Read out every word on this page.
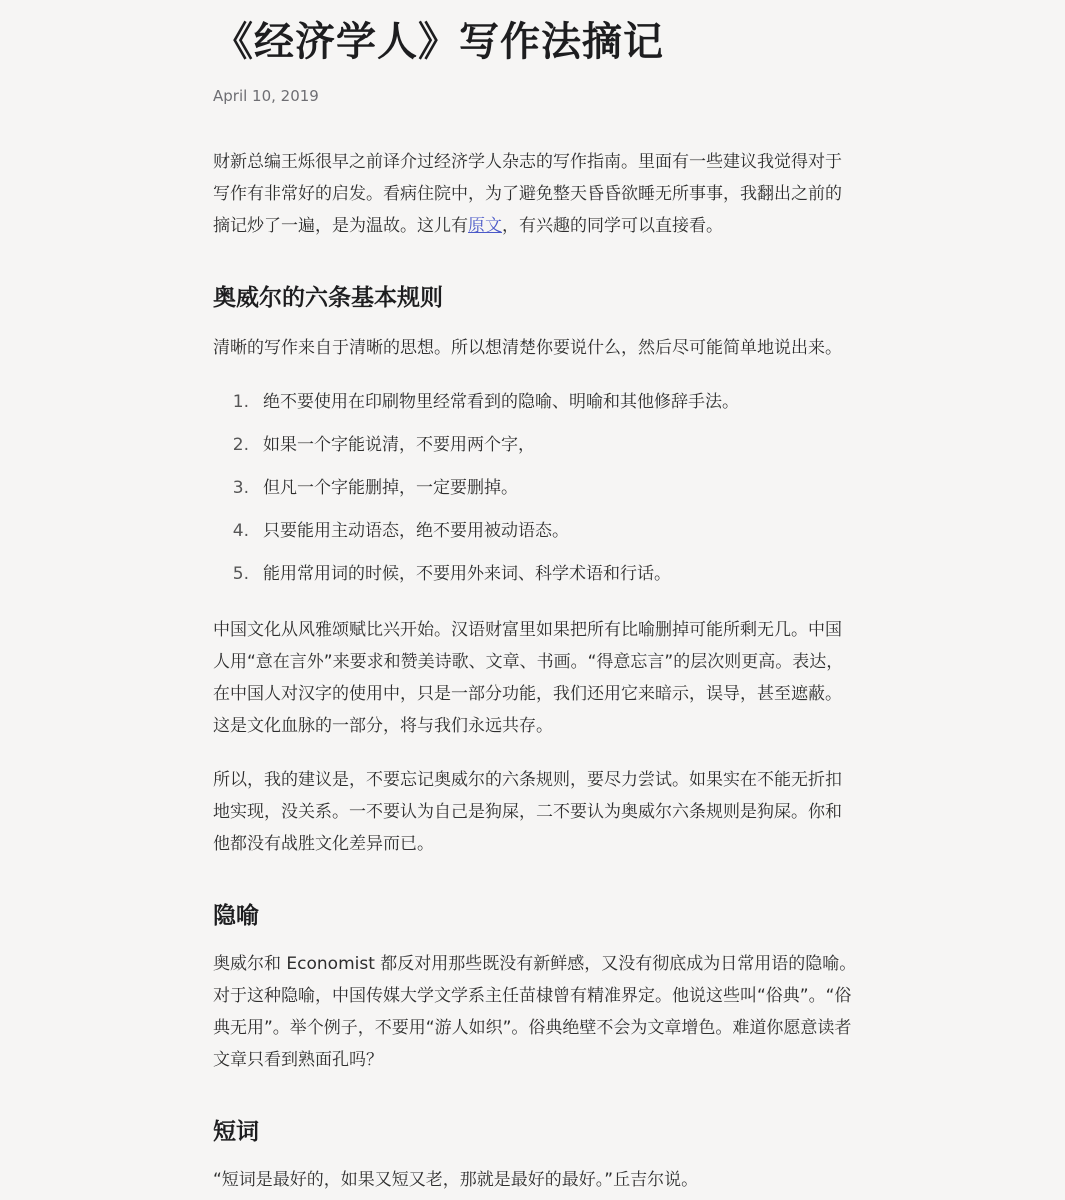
《经济学人》写作法摘记
April 10, 2019

财新总编王烁很早之前译介过经济学人杂志的写作指南。里面有一些建议我觉得对于
写作有非常好的启发。看病住院中，为了避免整天昏昏欲睡无所事事，我翻出之前的
摘记炒了一遍，是为温故。这儿有原文，有兴趣的同学可以直接看。

奥威尔的六条基本规则

清晰的写作来自于清晰的思想。所以想清楚你要说什么，然后尽可能简单地说出来。

1. 绝不要使用在印刷物里经常看到的隐喻、明喻和其他修辞手法。
2. 如果一个字能说清，不要用两个字，
3. 但凡一个字能删掉，一定要删掉。
4. 只要能用主动语态，绝不要用被动语态。
5. 能用常用词的时候，不要用外来词、科学术语和行话。

中国文化从风雅颂赋比兴开始。汉语财富里如果把所有比喻删掉可能所剩无几。中国
人用“意在言外”来要求和赞美诗歌、文章、书画。“得意忘言”的层次则更高。表达，
在中国人对汉字的使用中，只是一部分功能，我们还用它来暗示，误导，甚至遮蔽。
这是文化血脉的一部分，将与我们永远共存。

所以，我的建议是，不要忘记奥威尔的六条规则，要尽力尝试。如果实在不能无折扣
地实现，没关系。一不要认为自己是狗屎，二不要认为奥威尔六条规则是狗屎。你和
他都没有战胜文化差异而已。

隐喻

奥威尔和 Economist 都反对用那些既没有新鲜感，又没有彻底成为日常用语的隐喻。
对于这种隐喻，中国传媒大学文学系主任苗棣曾有精准界定。他说这些叫“俗典”。“俗
典无用”。举个例子，不要用“游人如织”。俗典绝壁不会为文章增色。难道你愿意读者
文章只看到熟面孔吗？

短词

“短词是最好的，如果又短又老，那就是最好的最好。”丘吉尔说。
